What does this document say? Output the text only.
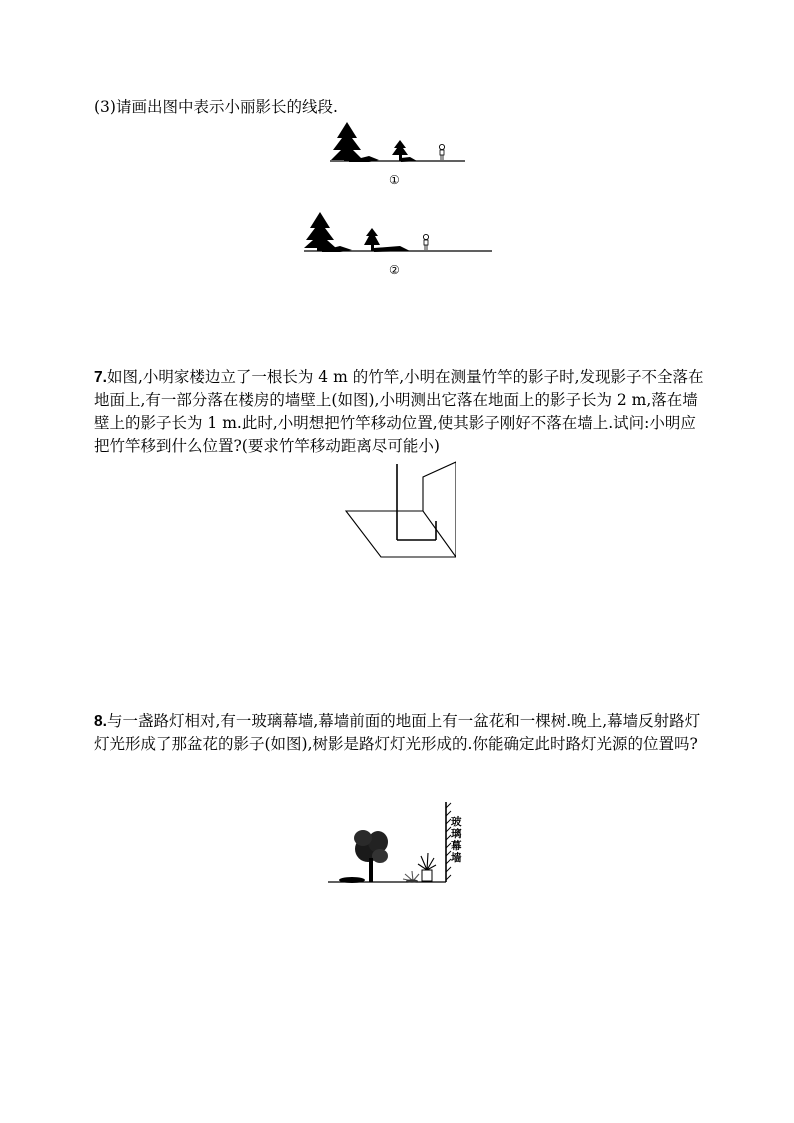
(3)请画出图中表示小丽影长的线段.
①
②
7.如图,小明家楼边立了一根长为 4 m 的竹竿,小明在测量竹竿的影子时,发现影子不全落在地面上,有一部分落在楼房的墙壁上(如图),小明测出它落在地面上的影子长为 2 m,落在墙壁上的影子长为 1 m.此时,小明想把竹竿移动位置,使其影子刚好不落在墙上.试问:小明应把竹竿移到什么位置?(要求竹竿移动距离尽可能小)
8.与一盏路灯相对,有一玻璃幕墙,幕墙前面的地面上有一盆花和一棵树.晚上,幕墙反射路灯灯光形成了那盆花的影子(如图),树影是路灯灯光形成的.你能确定此时路灯光源的位置吗?
玻璃幕墙
